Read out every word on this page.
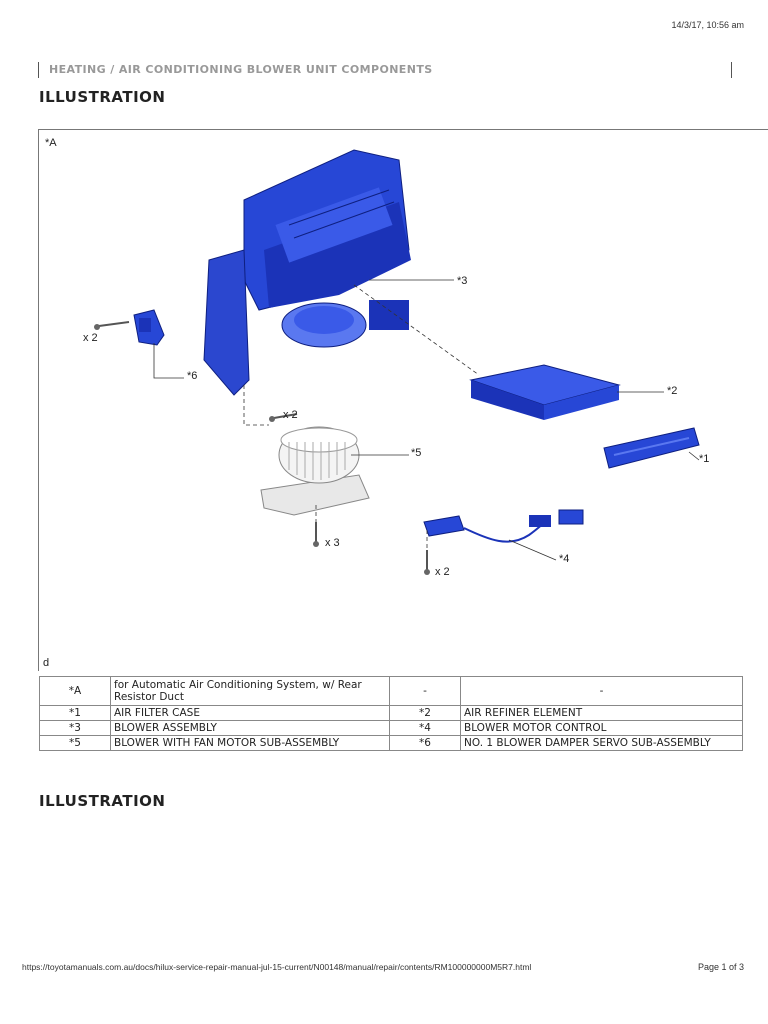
14/3/17, 10:56 am
HEATING / AIR CONDITIONING BLOWER UNIT COMPONENTS
ILLUSTRATION
*A
d
*3
*2
*1
*5
*4
*6
x 2
x 2
x 3
x 2
*A	for Automatic Air Conditioning System, w/ Rear Resistor Duct	-	-
*1	AIR FILTER CASE	*2	AIR REFINER ELEMENT
*3	BLOWER ASSEMBLY	*4	BLOWER MOTOR CONTROL
*5	BLOWER WITH FAN MOTOR SUB-ASSEMBLY	*6	NO. 1 BLOWER DAMPER SERVO SUB-ASSEMBLY
ILLUSTRATION
https://toyotamanuals.com.au/docs/hilux-service-repair-manual-jul-15-current/N00148/manual/repair/contents/RM100000000M5R7.html	Page 1 of 3
